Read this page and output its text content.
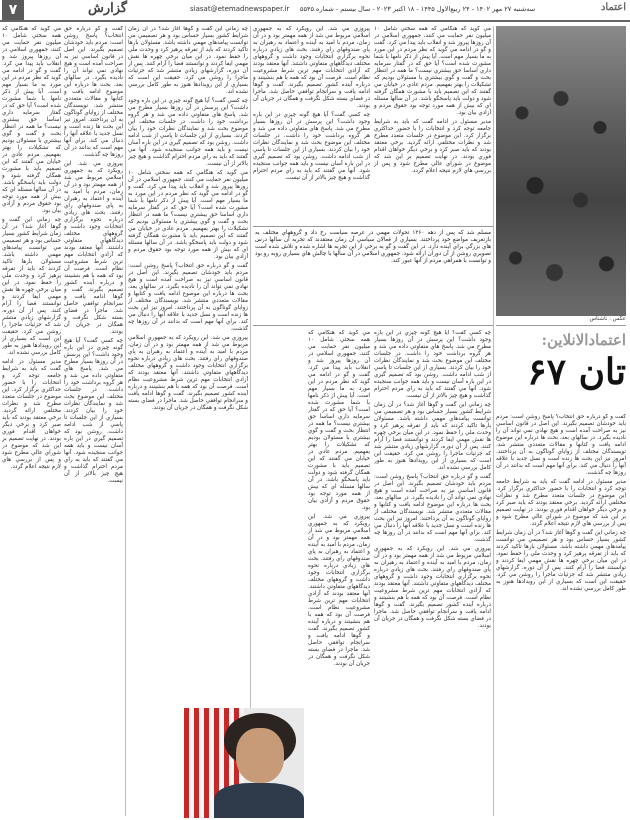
۷	گزارش	siasat@etemadnewspaper.ir سه‌شنبه ۲۷ مهر ۱۴۰۲ - ۲۴ ربیع‌الاول ۱۴۴۵ - ۱۸ اکتبر ۲۰۲۳ - سال بیستم - شماره ۵۵۴۵	اعتماد
عکس : ناشناس
اعتمادالانلاین:
تان ۶۷

گفت و گو درباره حق انتخاب؟ پاسخ روشن است: مردم بايد خودشان تصميم بگيرند. اين اصل در قانون اساسي نيز به صراحت آمده است و هيچ نهادي نمي تواند آن را ناديده بگيرد. در سالهاي بعد، بحث ها درباره اين موضوع ادامه يافت و كتابها و مقالات متعددي منتشر شد. نويسندگان مختلف از زواياي گوناگون به آن پرداختند. امروز نيز اين بحث ها زنده است و نسل جديد با علاقه آنها را دنبال مي كند. براي آنها مهم است كه بدانند در آن روزها چه گذشت.

مدير مسئول در ادامه گفت كه بايد به شرايط جامعه توجه كرد و انتخابات را با حضور حداكثري برگزار كرد. اين موضوع در جلسات متعدد مطرح شد و نظرات مختلفي ارائه گرديد. برخي معتقد بودند كه بايد صبر كرد و برخي ديگر خواهان اقدام فوري بودند. در نهايت تصميم بر اين شد كه موضوع در شوراي عالي مطرح شود و پس از بررسي هاي لازم نتيجه اعلام گردد.

چه زماني اين گفت و گوها آغاز شد؟ در آن زمان شرايط كشور بسيار حساس بود و هر تصميمي مي توانست پيامدهاي مهمي داشته باشد. مسئولان بارها تاكيد كردند كه بايد از تفرقه پرهيز كرد و وحدت ملي را حفظ نمود. در اين ميان برخي چهره ها نقش مهمي ايفا كردند و توانستند فضا را آرام كنند. پس از آن دوره، گزارشهاي زيادي منتشر شد كه جزئيات ماجرا را روشن مي كرد. حقيقت اين است كه بسياري از اين رويدادها هنوز به طور كامل بررسي نشده اند.

مي گويد كه هنگامي كه همه سختي شامل ۱۰ ميليون نفر حمايت مي كنند، جمهوري اسلامي در آن روزها پيروز شد و انقلاب بايد پيدا مي كرد. گفت و گو در ادامه مي گويد كه نظر مردم در اين مورد به ما بسيار مهم است. آيا پيش از ذكر نامها با شما مشورت شده است؟ آيا حق كه در گفتار سرمايه داري اساسا حق بيشتري نيست؟ ما همه در انتظار بحث و گفت و گوي بيشتري با مسئولان بوديم كه تشكيلات را بهتر بفهميم. مردم عادي در خيابان مي گفتند كه اين تصميم بايد با مشورت همگان گرفته شود و دولت بايد پاسخگو باشد. در آن سالها مسئله اي كه بيش از همه مورد توجه بود حقوق مردم و آزادي بيان بود.

مدير مسئول در ادامه گفت كه بايد به شرايط جامعه توجه كرد و انتخابات را با حضور حداكثري برگزار كرد. اين موضوع در جلسات متعدد مطرح شد و نظرات مختلفي ارائه گرديد. برخي معتقد بودند كه بايد صبر كرد و برخي ديگر خواهان اقدام فوري بودند. در نهايت تصميم بر اين شد كه موضوع در شوراي عالي مطرح شود و پس از بررسي هاي لازم نتيجه اعلام گردد.

پيروزي مي شد. اين رويكرد كه به جمهوري اسلامي مربوط مي شد از همه مهمتر بود و در آن زمان، مردم با اميد به آينده و اعتماد به رهبران به پاي صندوقهاي راي رفتند. بحث هاي زيادي درباره نحوه برگزاري انتخابات وجود داشت و گروههاي مختلف ديدگاههاي متفاوتي داشتند. آنها معتقد بودند كه آزادي انتخابات مهم ترين شرط مشروعيت نظام است. فرصت آن بود كه همه با هم بنشينند و درباره آينده كشور تصميم بگيرند. گفت و گوها ادامه يافت و سرانجام توافقي حاصل شد. ماجرا در فضاي بسته شكل نگرفت و همگان در جريان آن بودند.

چه كسي گفت؟ آيا هيچ گونه چيزي در اين باره وجود داشت؟ اين پرسش در آن روزها بسيار مطرح مي شد. پاسخ هاي متفاوتي داده مي شد و هر گروه برداشت خود را داشت. در جلسات مختلف اين موضوع بحث شد و نمايندگان نظرات خود را بيان كردند. بسياري از اين جلسات تا پاسي از شب ادامه داشت. روشن بود كه تصميم گيري در اين باره آسان نيست و بايد همه جوانب سنجيده شود. آنها مي گفتند كه بايد به راي مردم احترام گذاشت و هيچ چيز بالاتر از آن نيست.

مسلم شد كه پس از دهه ۱۳۶۰ تحولات مهمي در عرصه سياست رخ داد و گروههاي مختلف به بازتعريف مواضع خود پرداختند. بسياري از فعالان سياسي آن زمان معتقدند كه تجربه آن سالها درس هاي بزرگي براي آينده دارد. در اين گفت و گو به برخي از اين تجربه ها اشاره شده و تلاش شده است تصويري روشن از آن دوران ارائه شود. جمهوري اسلامي در آن سالها با چالش هاي بسياري روبه رو بود و توانست با همراهي مردم از آنها عبور كند.

چه كسي گفت؟ آيا هيچ گونه چيزي در اين باره وجود داشت؟ اين پرسش در آن روزها بسيار مطرح مي شد. پاسخ هاي متفاوتي داده مي شد و هر گروه برداشت خود را داشت. در جلسات مختلف اين موضوع بحث شد و نمايندگان نظرات خود را بيان كردند. بسياري از اين جلسات تا پاسي از شب ادامه داشت. روشن بود كه تصميم گيري در اين باره آسان نيست و بايد همه جوانب سنجيده شود. آنها مي گفتند كه بايد به راي مردم احترام گذاشت و هيچ چيز بالاتر از آن نيست.

چه زماني اين گفت و گوها آغاز شد؟ در آن زمان شرايط كشور بسيار حساس بود و هر تصميمي مي توانست پيامدهاي مهمي داشته باشد. مسئولان بارها تاكيد كردند كه بايد از تفرقه پرهيز كرد و وحدت ملي را حفظ نمود. در اين ميان برخي چهره ها نقش مهمي ايفا كردند و توانستند فضا را آرام كنند. پس از آن دوره، گزارشهاي زيادي منتشر شد كه جزئيات ماجرا را روشن مي كرد. حقيقت اين است كه بسياري از اين رويدادها هنوز به طور كامل بررسي نشده اند.

گفت و گو درباره حق انتخاب؟ پاسخ روشن است: مردم بايد خودشان تصميم بگيرند. اين اصل در قانون اساسي نيز به صراحت آمده است و هيچ نهادي نمي تواند آن را ناديده بگيرد. در سالهاي بعد، بحث ها درباره اين موضوع ادامه يافت و كتابها و مقالات متعددي منتشر شد. نويسندگان مختلف از زواياي گوناگون به آن پرداختند. امروز نيز اين بحث ها زنده است و نسل جديد با علاقه آنها را دنبال مي كند. براي آنها مهم است كه بدانند در آن روزها چه گذشت.

پيروزي مي شد. اين رويكرد كه به جمهوري اسلامي مربوط مي شد از همه مهمتر بود و در آن زمان، مردم با اميد به آينده و اعتماد به رهبران به پاي صندوقهاي راي رفتند. بحث هاي زيادي درباره نحوه برگزاري انتخابات وجود داشت و گروههاي مختلف ديدگاههاي متفاوتي داشتند. آنها معتقد بودند كه آزادي انتخابات مهم ترين شرط مشروعيت نظام است. فرصت آن بود كه همه با هم بنشينند و درباره آينده كشور تصميم بگيرند. گفت و گوها ادامه يافت و سرانجام توافقي حاصل شد. ماجرا در فضاي بسته شكل نگرفت و همگان در جريان آن بودند.

مي گويد كه هنگامي كه همه سختي شامل ۱۰ ميليون نفر حمايت مي كنند، جمهوري اسلامي در آن روزها پيروز شد و انقلاب بايد پيدا مي كرد. گفت و گو در ادامه مي گويد كه نظر مردم در اين مورد به ما بسيار مهم است. آيا پيش از ذكر نامها با شما مشورت شده است؟ آيا حق كه در گفتار سرمايه داري اساسا حق بيشتري نيست؟ ما همه در انتظار بحث و گفت و گوي بيشتري با مسئولان بوديم كه تشكيلات را بهتر بفهميم. مردم عادي در خيابان مي گفتند كه اين تصميم بايد با مشورت همگان گرفته شود و دولت بايد پاسخگو باشد. در آن سالها مسئله اي كه بيش از همه مورد توجه بود حقوق مردم و آزادي بيان بود.

پيروزي مي شد. اين رويكرد كه به جمهوري اسلامي مربوط مي شد از همه مهمتر بود و در آن زمان، مردم با اميد به آينده و اعتماد به رهبران به پاي صندوقهاي راي رفتند. بحث هاي زيادي درباره نحوه برگزاري انتخابات وجود داشت و گروههاي مختلف ديدگاههاي متفاوتي داشتند. آنها معتقد بودند كه آزادي انتخابات مهم ترين شرط مشروعيت نظام است. فرصت آن بود كه همه با هم بنشينند و درباره آينده كشور تصميم بگيرند. گفت و گوها ادامه يافت و سرانجام توافقي حاصل شد. ماجرا در فضاي بسته شكل نگرفت و همگان در جريان آن بودند.

چه زماني اين گفت و گوها آغاز شد؟ در آن زمان شرايط كشور بسيار حساس بود و هر تصميمي مي توانست پيامدهاي مهمي داشته باشد. مسئولان بارها تاكيد كردند كه بايد از تفرقه پرهيز كرد و وحدت ملي را حفظ نمود. در اين ميان برخي چهره ها نقش مهمي ايفا كردند و توانستند فضا را آرام كنند. پس از آن دوره، گزارشهاي زيادي منتشر شد كه جزئيات ماجرا را روشن مي كرد. حقيقت اين است كه بسياري از اين رويدادها هنوز به طور كامل بررسي نشده اند.

چه كسي گفت؟ آيا هيچ گونه چيزي در اين باره وجود داشت؟ اين پرسش در آن روزها بسيار مطرح مي شد. پاسخ هاي متفاوتي داده مي شد و هر گروه برداشت خود را داشت. در جلسات مختلف اين موضوع بحث شد و نمايندگان نظرات خود را بيان كردند. بسياري از اين جلسات تا پاسي از شب ادامه داشت. روشن بود كه تصميم گيري در اين باره آسان نيست و بايد همه جوانب سنجيده شود. آنها مي گفتند كه بايد به راي مردم احترام گذاشت و هيچ چيز بالاتر از آن نيست.

مي گويد كه هنگامي كه همه سختي شامل ۱۰ ميليون نفر حمايت مي كنند، جمهوري اسلامي در آن روزها پيروز شد و انقلاب بايد پيدا مي كرد. گفت و گو در ادامه مي گويد كه نظر مردم در اين مورد به ما بسيار مهم است. آيا پيش از ذكر نامها با شما مشورت شده است؟ آيا حق كه در گفتار سرمايه داري اساسا حق بيشتري نيست؟ ما همه در انتظار بحث و گفت و گوي بيشتري با مسئولان بوديم كه تشكيلات را بهتر بفهميم. مردم عادي در خيابان مي گفتند كه اين تصميم بايد با مشورت همگان گرفته شود و دولت بايد پاسخگو باشد. در آن سالها مسئله اي كه بيش از همه مورد توجه بود حقوق مردم و آزادي بيان بود.

گفت و گو درباره حق انتخاب؟ پاسخ روشن است: مردم بايد خودشان تصميم بگيرند. اين اصل در قانون اساسي نيز به صراحت آمده است و هيچ نهادي نمي تواند آن را ناديده بگيرد. در سالهاي بعد، بحث ها درباره اين موضوع ادامه يافت و كتابها و مقالات متعددي منتشر شد. نويسندگان مختلف از زواياي گوناگون به آن پرداختند. امروز نيز اين بحث ها زنده است و نسل جديد با علاقه آنها را دنبال مي كند. براي آنها مهم است كه بدانند در آن روزها چه گذشت.

پيروزي مي شد. اين رويكرد كه به جمهوري اسلامي مربوط مي شد از همه مهمتر بود و در آن زمان، مردم با اميد به آينده و اعتماد به رهبران به پاي صندوقهاي راي رفتند. بحث هاي زيادي درباره نحوه برگزاري انتخابات وجود داشت و گروههاي مختلف ديدگاههاي متفاوتي داشتند. آنها معتقد بودند كه آزادي انتخابات مهم ترين شرط مشروعيت نظام است. فرصت آن بود كه همه با هم بنشينند و درباره آينده كشور تصميم بگيرند. گفت و گوها ادامه يافت و سرانجام توافقي حاصل شد. ماجرا در فضاي بسته شكل نگرفت و همگان در جريان آن بودند.

گفت و گو درباره حق انتخاب؟ پاسخ روشن است: مردم بايد خودشان تصميم بگيرند. اين اصل در قانون اساسي نيز به صراحت آمده است و هيچ نهادي نمي تواند آن را ناديده بگيرد. در سالهاي بعد، بحث ها درباره اين موضوع ادامه يافت و كتابها و مقالات متعددي منتشر شد. نويسندگان مختلف از زواياي گوناگون به آن پرداختند. امروز نيز اين بحث ها زنده است و نسل جديد با علاقه آنها را دنبال مي كند. براي آنها مهم است كه بدانند در آن روزها چه گذشت.

پيروزي مي شد. اين رويكرد كه به جمهوري اسلامي مربوط مي شد از همه مهمتر بود و در آن زمان، مردم با اميد به آينده و اعتماد به رهبران به پاي صندوقهاي راي رفتند. بحث هاي زيادي درباره نحوه برگزاري انتخابات وجود داشت و گروههاي مختلف ديدگاههاي متفاوتي داشتند. آنها معتقد بودند كه آزادي انتخابات مهم ترين شرط مشروعيت نظام است. فرصت آن بود كه همه با هم بنشينند و درباره آينده كشور تصميم بگيرند. گفت و گوها ادامه يافت و سرانجام توافقي حاصل شد. ماجرا در فضاي بسته شكل نگرفت و همگان در جريان آن بودند.

چه كسي گفت؟ آيا هيچ گونه چيزي در اين باره وجود داشت؟ اين پرسش در آن روزها بسيار مطرح مي شد. پاسخ هاي متفاوتي داده مي شد و هر گروه برداشت خود را داشت. در جلسات مختلف اين موضوع بحث شد و نمايندگان نظرات خود را بيان كردند. بسياري از اين جلسات تا پاسي از شب ادامه داشت. روشن بود كه تصميم گيري در اين باره آسان نيست و بايد همه جوانب سنجيده شود. آنها مي گفتند كه بايد به راي مردم احترام گذاشت و هيچ چيز بالاتر از آن نيست.

مي گويد كه هنگامي كه همه سختي شامل ۱۰ ميليون نفر حمايت مي كنند، جمهوري اسلامي در آن روزها پيروز شد و انقلاب بايد پيدا مي كرد. گفت و گو در ادامه مي گويد كه نظر مردم در اين مورد به ما بسيار مهم است. آيا پيش از ذكر نامها با شما مشورت شده است؟ آيا حق كه در گفتار سرمايه داري اساسا حق بيشتري نيست؟ ما همه در انتظار بحث و گفت و گوي بيشتري با مسئولان بوديم كه تشكيلات را بهتر بفهميم. مردم عادي در خيابان مي گفتند كه اين تصميم بايد با مشورت همگان گرفته شود و دولت بايد پاسخگو باشد. در آن سالها مسئله اي كه بيش از همه مورد توجه بود حقوق مردم و آزادي بيان بود.

چه زماني اين گفت و گوها آغاز شد؟ در آن زمان شرايط كشور بسيار حساس بود و هر تصميمي مي توانست پيامدهاي مهمي داشته باشد. مسئولان بارها تاكيد كردند كه بايد از تفرقه پرهيز كرد و وحدت ملي را حفظ نمود. در اين ميان برخي چهره ها نقش مهمي ايفا كردند و توانستند فضا را آرام كنند. پس از آن دوره، گزارشهاي زيادي منتشر شد كه جزئيات ماجرا را روشن مي كرد. حقيقت اين است كه بسياري از اين رويدادها هنوز به طور كامل بررسي نشده اند.

مدير مسئول در ادامه گفت كه بايد به شرايط جامعه توجه كرد و انتخابات را با حضور حداكثري برگزار كرد. اين موضوع در جلسات متعدد مطرح شد و نظرات مختلفي ارائه گرديد. برخي معتقد بودند كه بايد صبر كرد و برخي ديگر خواهان اقدام فوري بودند. در نهايت تصميم بر اين شد كه موضوع در شوراي عالي مطرح شود و پس از بررسي هاي لازم نتيجه اعلام گردد.
